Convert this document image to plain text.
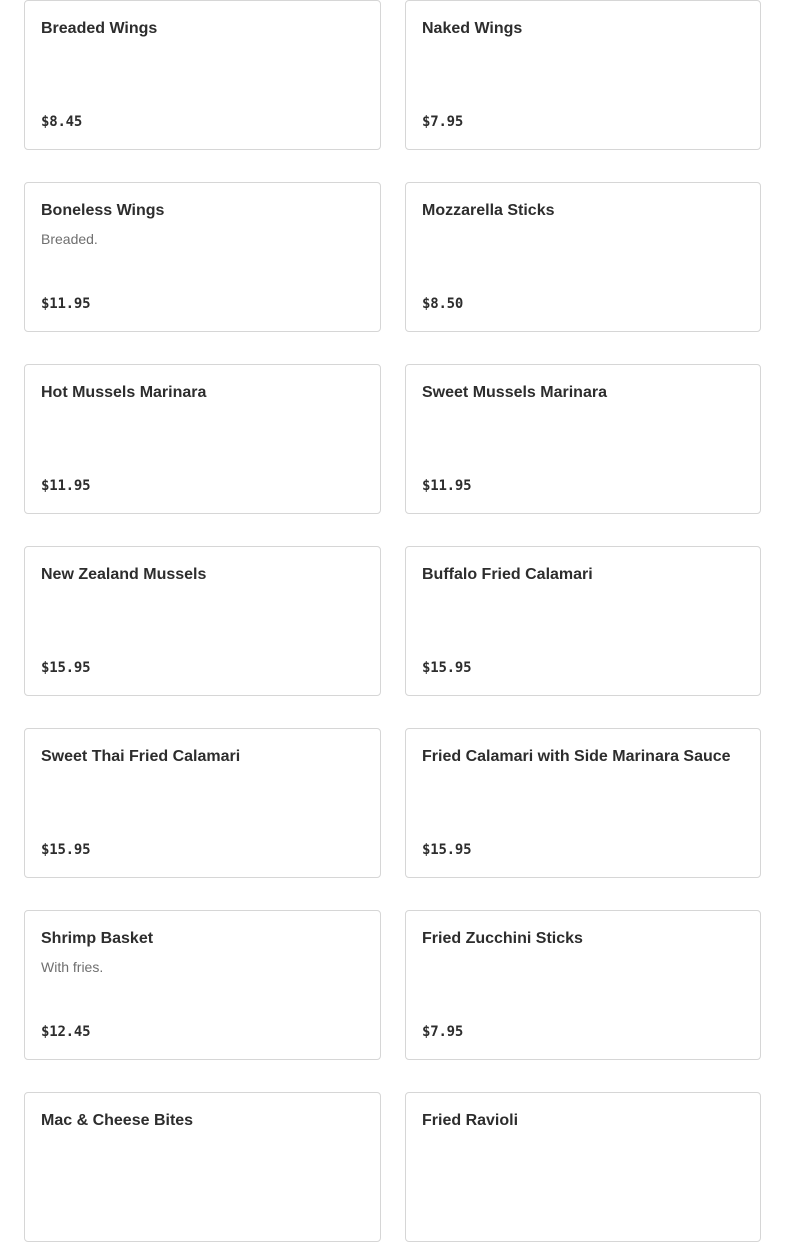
Breaded Wings
$8.45
Naked Wings
$7.95
Boneless Wings
Breaded.
$11.95
Mozzarella Sticks
$8.50
Hot Mussels Marinara
$11.95
Sweet Mussels Marinara
$11.95
New Zealand Mussels
$15.95
Buffalo Fried Calamari
$15.95
Sweet Thai Fried Calamari
$15.95
Fried Calamari with Side Marinara Sauce
$15.95
Shrimp Basket
With fries.
$12.45
Fried Zucchini Sticks
$7.95
Mac & Cheese Bites	Fried Ravioli
